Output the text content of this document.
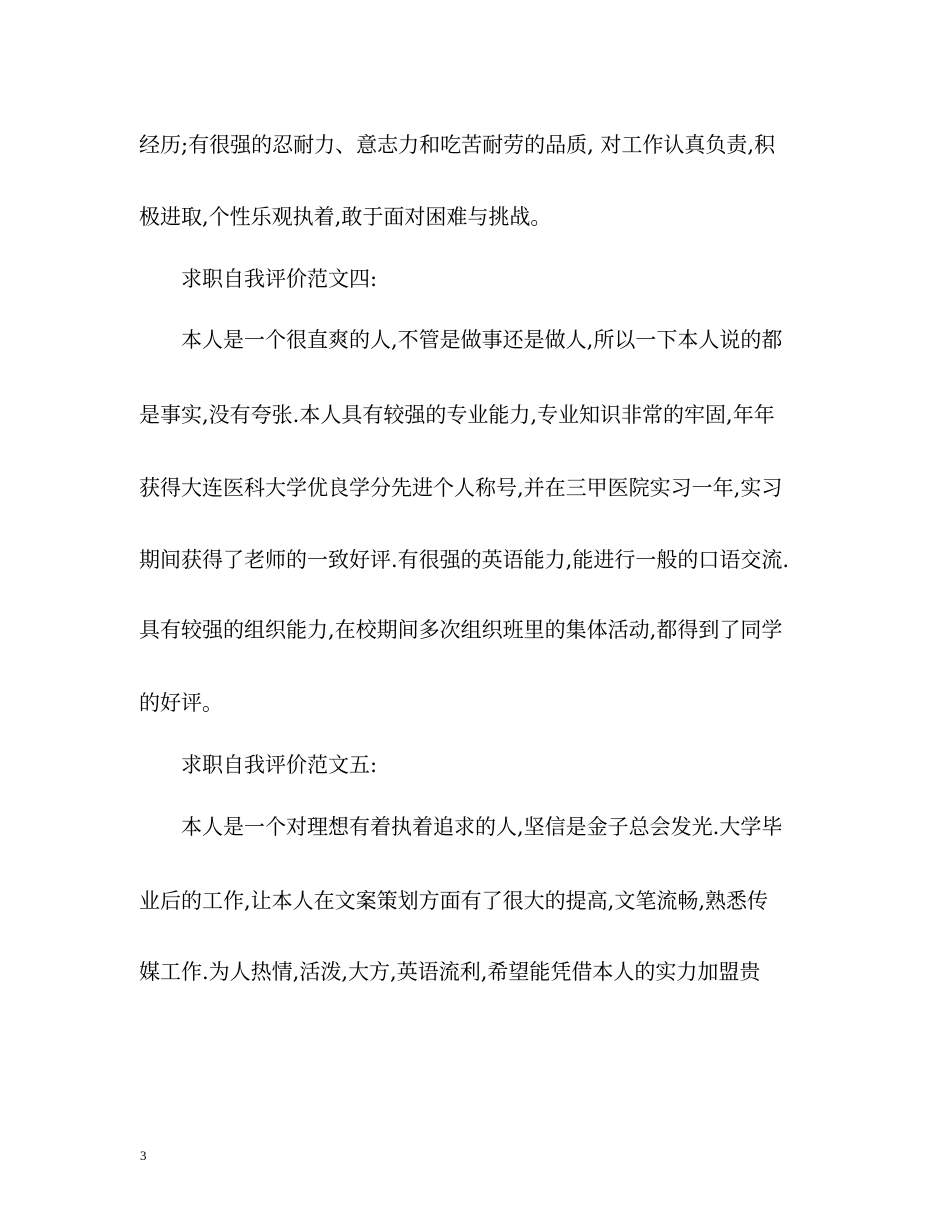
经历;有很强的忍耐力、意志力和吃苦耐劳的品质, 对工作认真负责,积
极进取,个性乐观执着,敢于面对困难与挑战。
求职自我评价范文四:
本人是一个很直爽的人,不管是做事还是做人,所以一下本人说的都
是事实,没有夸张.本人具有较强的专业能力,专业知识非常的牢固,年年
获得大连医科大学优良学分先进个人称号,并在三甲医院实习一年,实习
期间获得了老师的一致好评.有很强的英语能力,能进行一般的口语交流.
具有较强的组织能力,在校期间多次组织班里的集体活动,都得到了同学
的好评。
求职自我评价范文五:
本人是一个对理想有着执着追求的人,坚信是金子总会发光.大学毕
业后的工作,让本人在文案策划方面有了很大的提高,文笔流畅,熟悉传
媒工作.为人热情,活泼,大方,英语流利,希望能凭借本人的实力加盟贵
3
